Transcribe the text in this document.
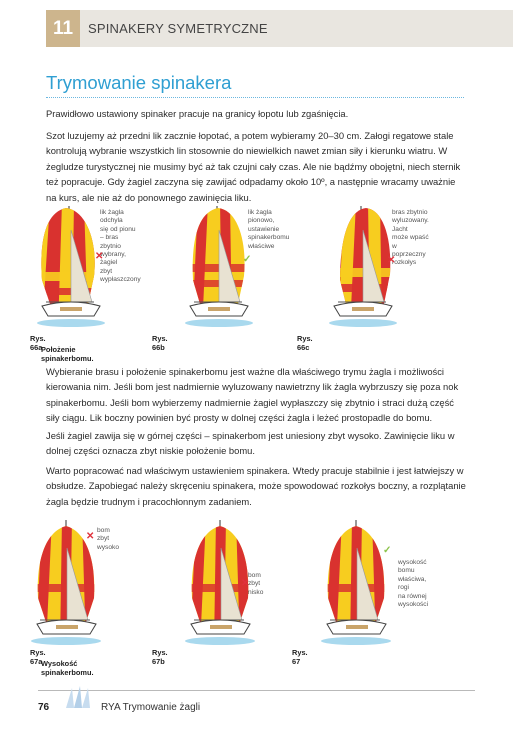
11	SPINAKERY SYMETRYCZNE
Trymowanie spinakera

Prawidłowo ustawiony spinaker pracuje na granicy łopotu lub zgaśnięcia.

Szot luzujemy aż przedni lik zacznie łopotać, a potem wybieramy 20–30 cm. Załogi regatowe stale kontrolują wybranie wszystkich lin stosownie do niewielkich nawet zmian siły i kierunku wiatru. W żegludze turystycznej nie musimy być aż tak czujni cały czas. Ale nie bądźmy obojętni, niech sternik też popracuje. Gdy żagiel zaczyna się zawijać odpadamy około 10º, a następnie wracamy uważnie na kurs, ale nie aż do ponownego zawinięcia liku.

lik żagla odchyla
się od pionu – bras
zbytnio wybrany, żagiel
zbyt wypłaszczony
✕
Rys. 66a
lik żagla pionowo,
ustawienie
spinakerbomu właściwe
✓
Rys. 66b
bras zbytnio
wyluzowany. Jacht
może wpaść
w poprzeczny rozkołys
✕
Rys. 66c
Położenie spinakerbomu.

Wybieranie brasu i położenie spinakerbomu jest ważne dla właściwego trymu żagla i możliwości kierowania nim. Jeśli bom jest nadmiernie wyluzowany nawietrzny lik żagla wybrzuszy się poza nok spinakerbomu. Jeśli bom wybierzemy nadmiernie żagiel wypłaszczy się zbytnio i straci dużą część siły ciągu. Lik boczny powinien być prosty w dolnej części żagla i leżeć prostopadle do bomu.

Jeśli żagiel zawija się w górnej części – spinakerbom jest uniesiony zbyt wysoko. Zawinięcie liku w dolnej części oznacza zbyt niskie położenie bomu.

Warto popracować nad właściwym ustawieniem spinakera. Wtedy pracuje stabilnie i jest łatwiejszy w obsłudze. Zapobiegać należy skręceniu spinakera, może spowodować rozkołys boczny, a rozplątanie żagla będzie trudnym i pracochłonnym zadaniem.

✕
bom zbyt wysoko
Rys. 67a
bom zbyt nisko
✕
Rys. 67b
✓
wysokość bomu
właściwa, rogi
na równej wysokości
Rys. 67
Wysokość spinakerbomu.
76	RYA Trymowanie żagli
